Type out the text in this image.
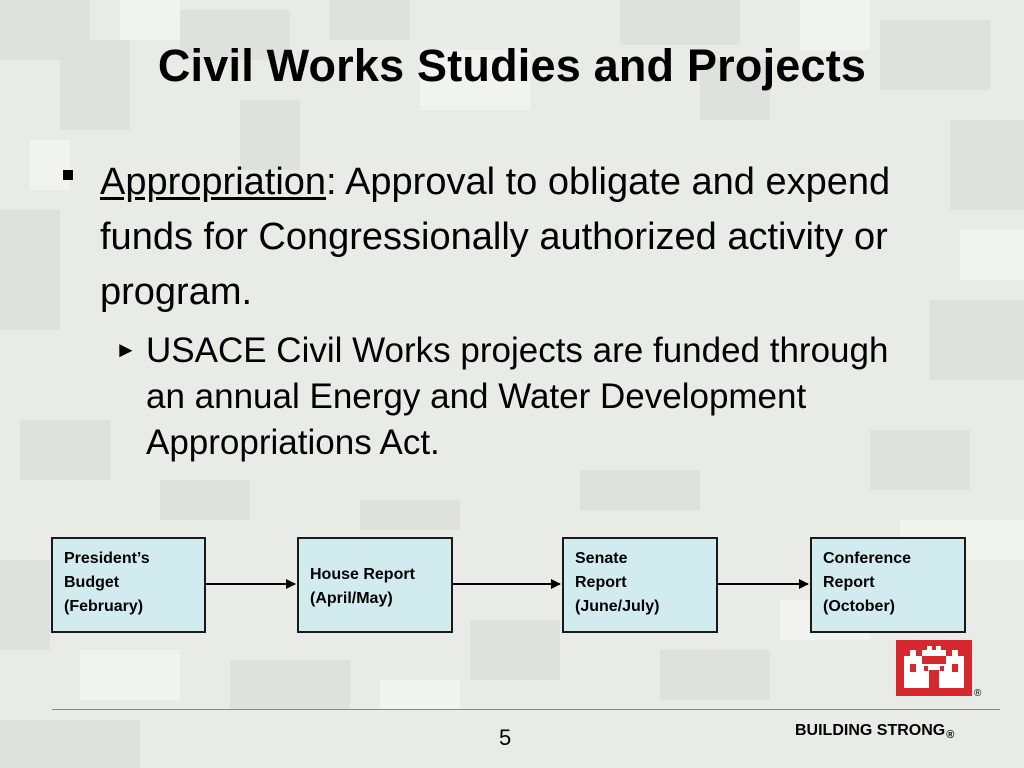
Civil Works Studies and Projects
Appropriation: Approval to obligate and expend funds for Congressionally authorized activity or program.
► USACE Civil Works projects are funded through an annual Energy and Water Development Appropriations Act.
President’s
Budget
(February)
House Report
(April/May)
Senate
Report
(June/July)
Conference
Report
(October)
®
5	BUILDING STRONG®
